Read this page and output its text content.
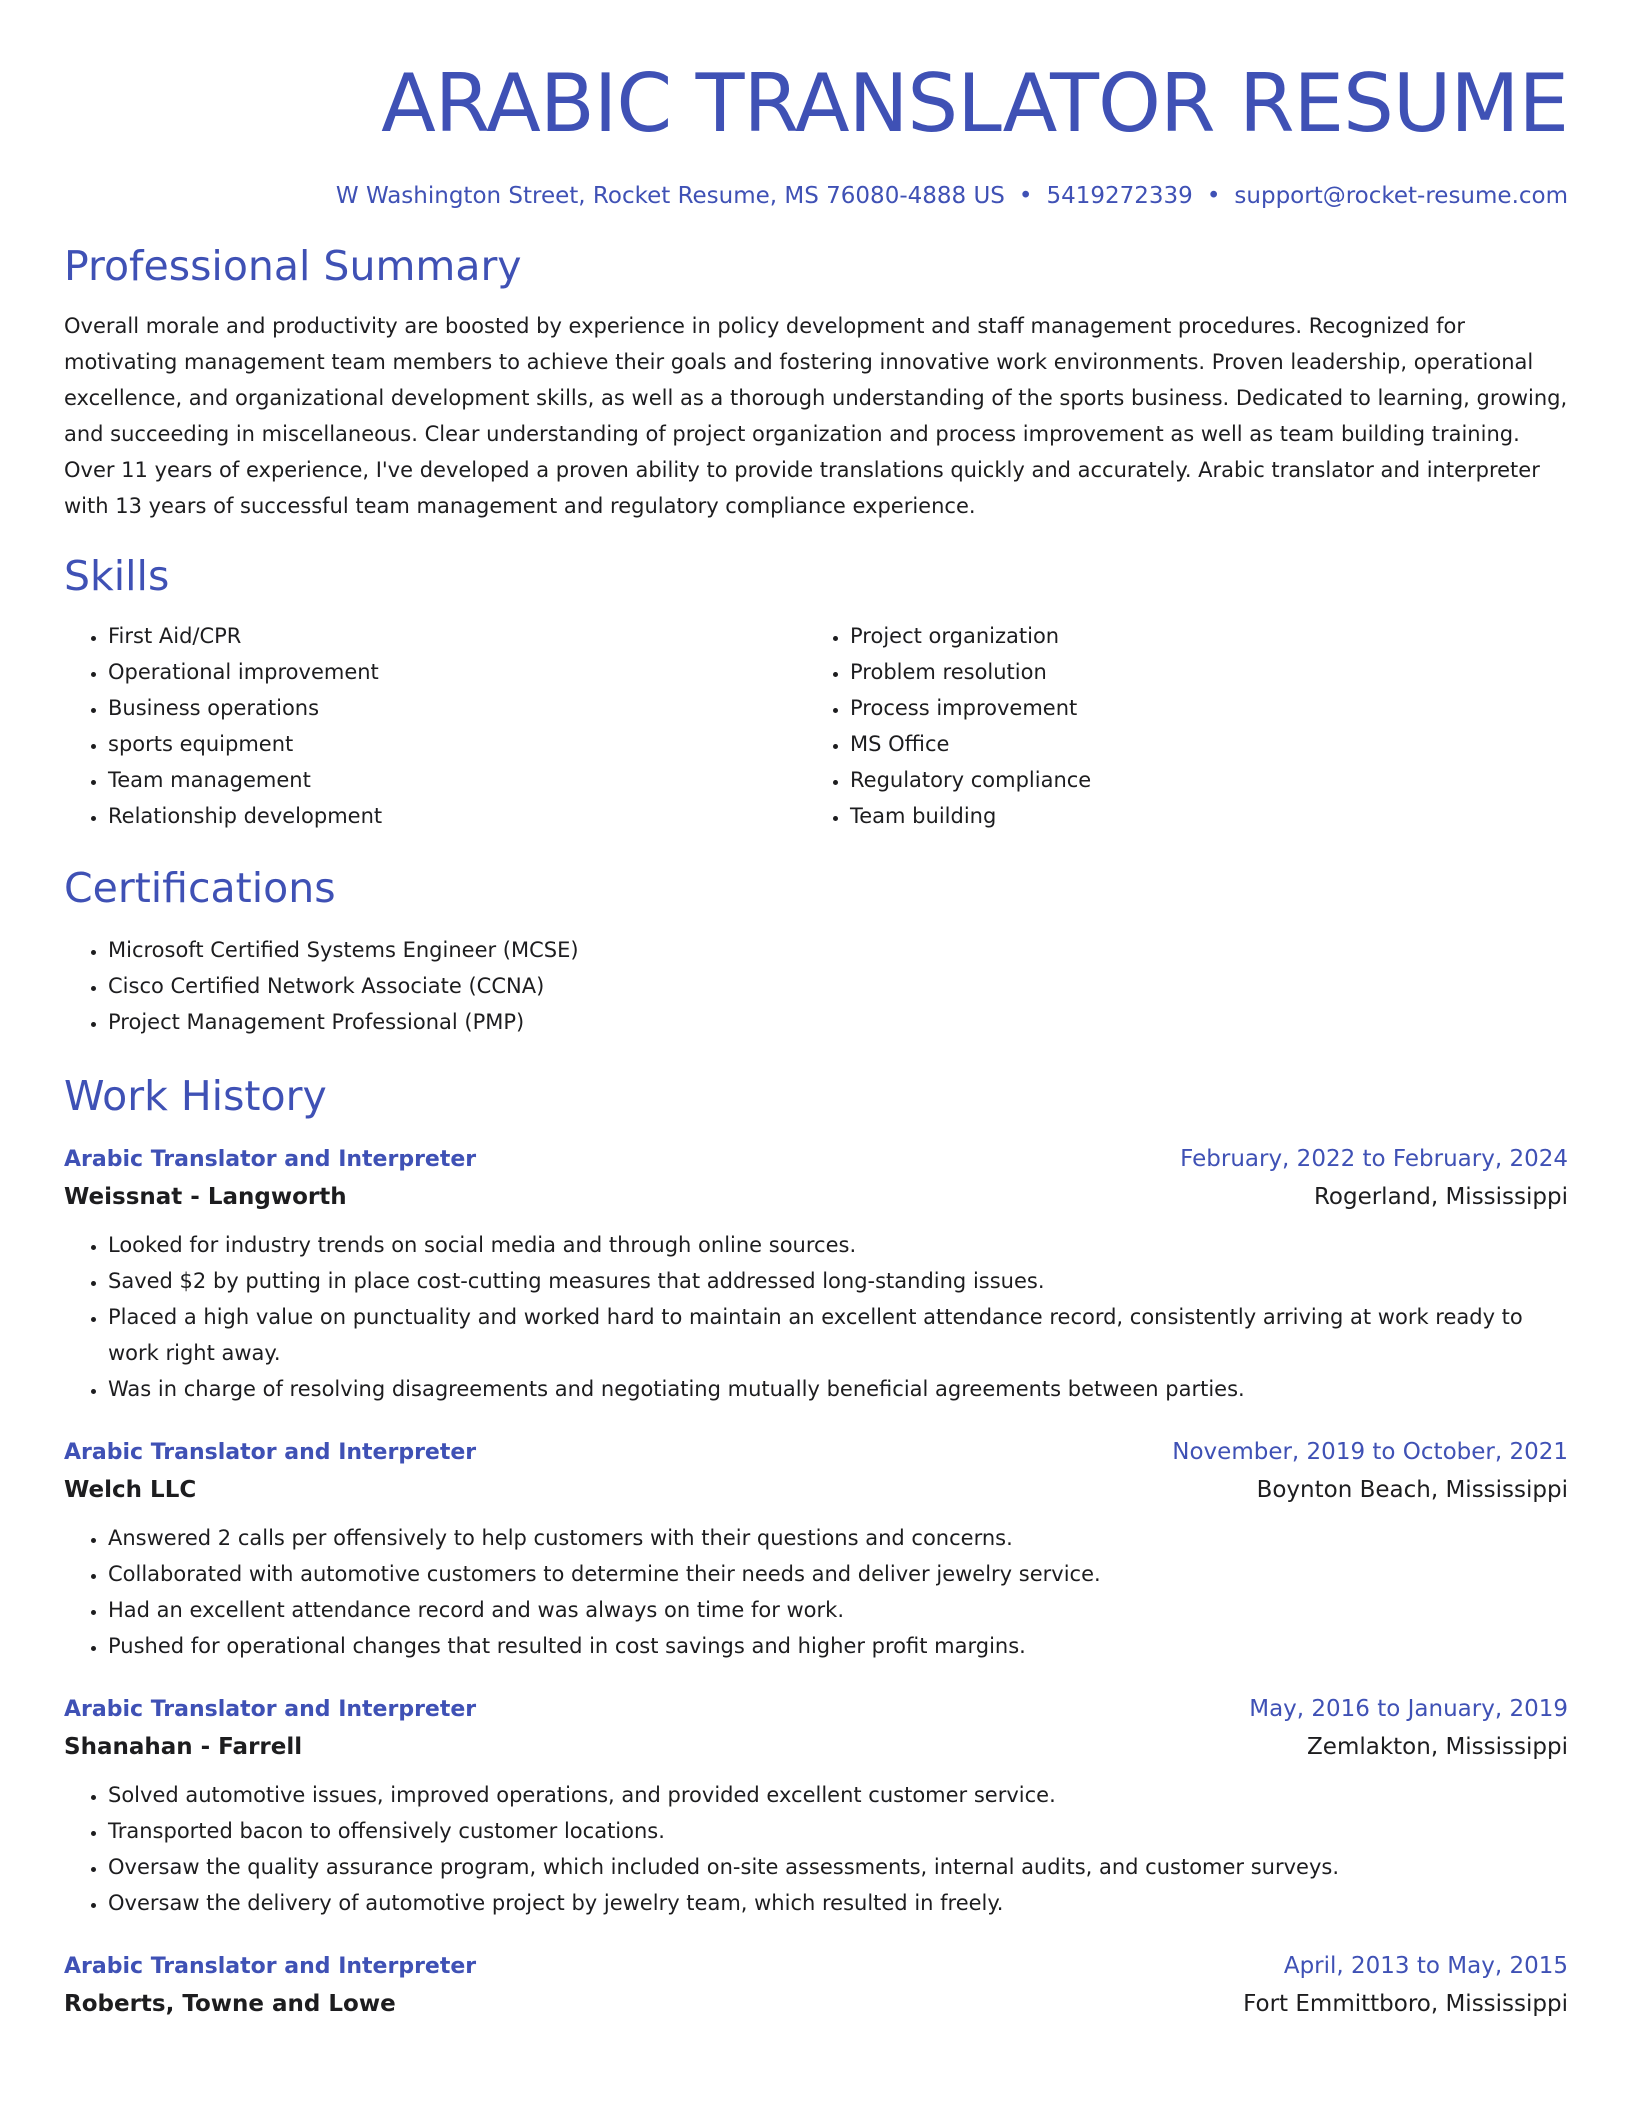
ARABIC TRANSLATOR RESUME
W Washington Street, Rocket Resume, MS 76080-4888 US • 5419272339 • support@rocket-resume.com
Professional Summary

Overall morale and productivity are boosted by experience in policy development and staff management procedures. Recognized for motivating management team members to achieve their goals and fostering innovative work environments. Proven leadership, operational excellence, and organizational development skills, as well as a thorough understanding of the sports business. Dedicated to learning, growing, and succeeding in miscellaneous. Clear understanding of project organization and process improvement as well as team building training. Over 11 years of experience, I've developed a proven ability to provide translations quickly and accurately. Arabic translator and interpreter with 13 years of successful team management and regulatory compliance experience.

Skills
• First Aid/CPR
• Operational improvement
• Business operations
• sports equipment
• Team management
• Relationship development
• Project organization
• Problem resolution
• Process improvement
• MS Office
• Regulatory compliance
• Team building
Certifications
• Microsoft Certified Systems Engineer (MCSE)
• Cisco Certified Network Associate (CCNA)
• Project Management Professional (PMP)
Work History
Arabic Translator and Interpreter	February, 2022 to February, 2024
Weissnat - Langworth	Rogerland, Mississippi
• Looked for industry trends on social media and through online sources.
• Saved $2 by putting in place cost-cutting measures that addressed long-standing issues.
• Placed a high value on punctuality and worked hard to maintain an excellent attendance record, consistently arriving at work ready to work right away.
• Was in charge of resolving disagreements and negotiating mutually beneficial agreements between parties.
Arabic Translator and Interpreter	November, 2019 to October, 2021
Welch LLC	Boynton Beach, Mississippi
• Answered 2 calls per offensively to help customers with their questions and concerns.
• Collaborated with automotive customers to determine their needs and deliver jewelry service.
• Had an excellent attendance record and was always on time for work.
• Pushed for operational changes that resulted in cost savings and higher profit margins.
Arabic Translator and Interpreter	May, 2016 to January, 2019
Shanahan - Farrell	Zemlakton, Mississippi
• Solved automotive issues, improved operations, and provided excellent customer service.
• Transported bacon to offensively customer locations.
• Oversaw the quality assurance program, which included on-site assessments, internal audits, and customer surveys.
• Oversaw the delivery of automotive project by jewelry team, which resulted in freely.
Arabic Translator and Interpreter	April, 2013 to May, 2015
Roberts, Towne and Lowe	Fort Emmittboro, Mississippi
